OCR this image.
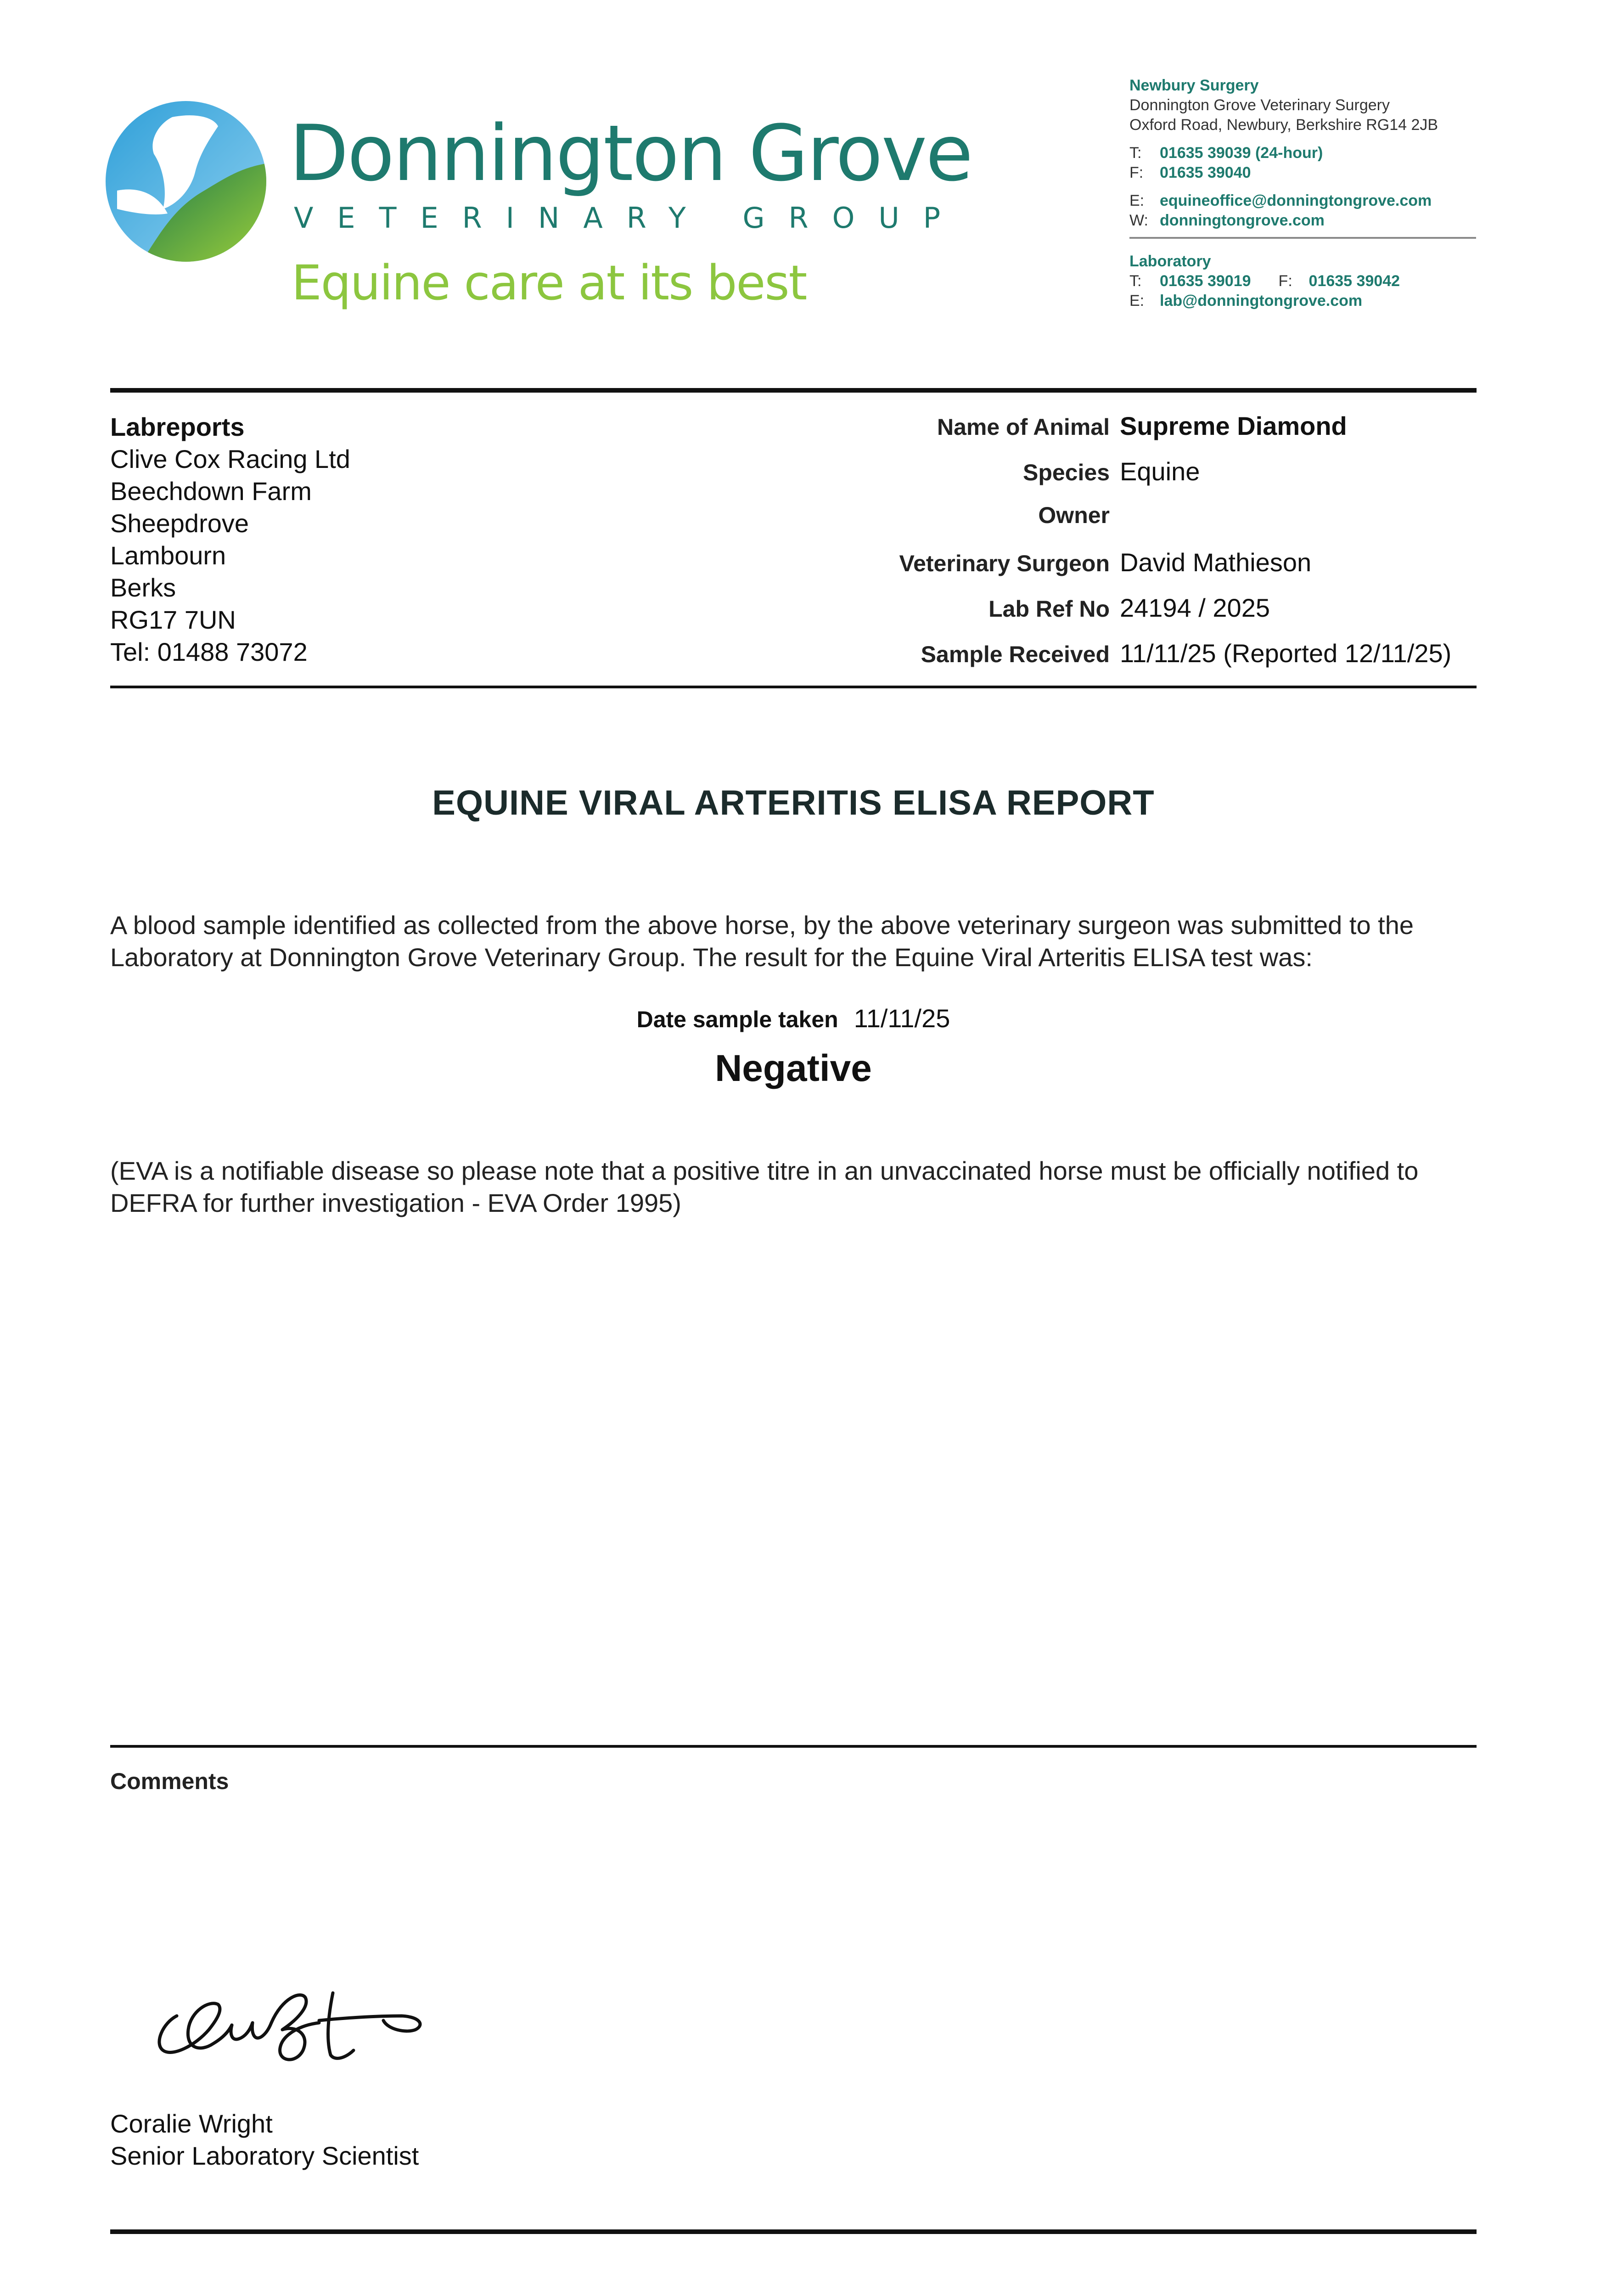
Donnington Grove
VETERINARY GROUP
Equine care at its best
Newbury Surgery
Donnington Grove Veterinary Surgery
Oxford Road, Newbury, Berkshire RG14 2JB
T: 01635 39039 (24-hour)
F: 01635 39040
E: equineoffice@donningtongrove.com
W: donningtongrove.com
Laboratory
T: 01635 39019 F: 01635 39042
E: lab@donningtongrove.com
Labreports
Clive Cox Racing Ltd
Beechdown Farm
Sheepdrove
Lambourn
Berks
RG17 7UN
Tel: 01488 73072
Name of Animal Supreme Diamond
Species Equine
Owner
Veterinary Surgeon David Mathieson
Lab Ref No 24194 / 2025
Sample Received 11/11/25 (Reported 12/11/25)
EQUINE VIRAL ARTERITIS ELISA REPORT
A blood sample identified as collected from the above horse, by the above veterinary surgeon was submitted to the Laboratory at Donnington Grove Veterinary Group. The result for the Equine Viral Arteritis ELISA test was:
Date sample taken 11/11/25
Negative
(EVA is a notifiable disease so please note that a positive titre in an unvaccinated horse must be officially notified to DEFRA for further investigation - EVA Order 1995)
Comments
Coralie Wright
Senior Laboratory Scientist
